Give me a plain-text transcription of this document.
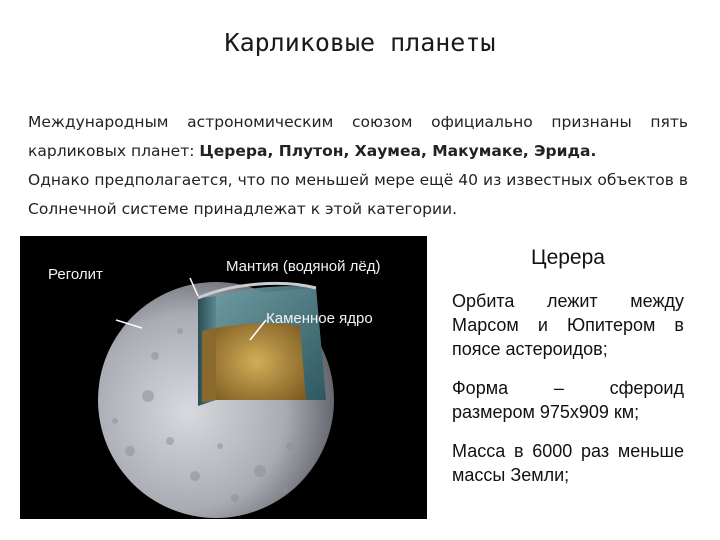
Карликовые планеты

Международным астрономическим союзом официально признаны пять карликовых планет: Церера, Плутон, Хаумеа, Макумаке, Эрида.

Однако предполагается, что по меньшей мере ещё 40 из известных объектов в Солнечной системе принадлежат к этой категории.

Реголит	Мантия (водяной лёд)
Каменное ядро
Церера
Орбита лежит между Марсом и Юпитером в поясе астероидов;
Форма – сфероид размером 975x909 км;
Масса в 6000 раз меньше массы Земли;
